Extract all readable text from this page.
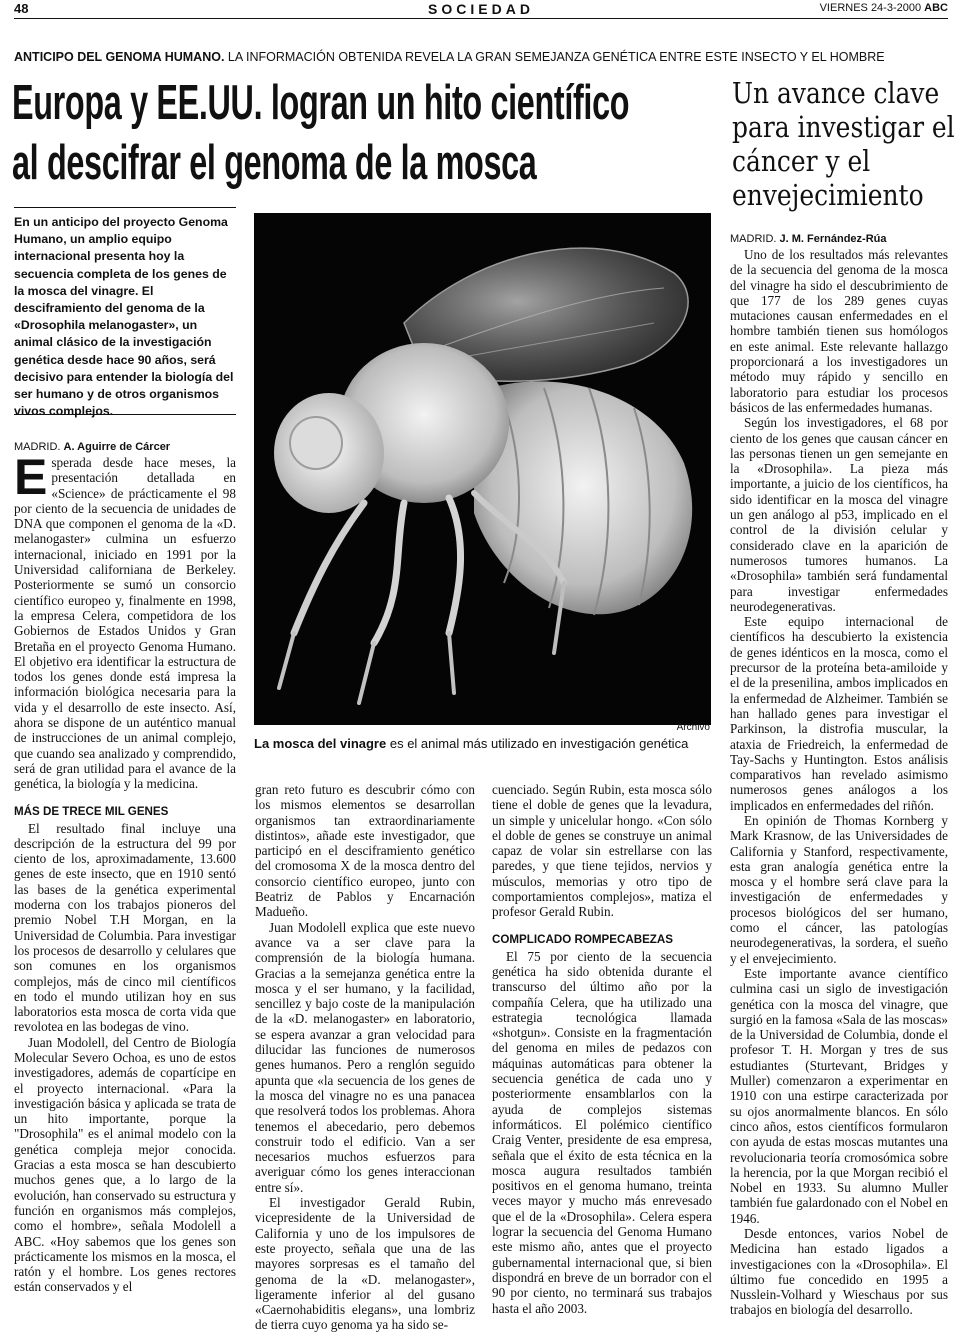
48	SOCIEDAD	VIERNES 24-3-2000 ABC
ANTICIPO DEL GENOMA HUMANO. LA INFORMACIÓN OBTENIDA REVELA LA GRAN SEMEJANZA GENÉTICA ENTRE ESTE INSECTO Y EL HOMBRE
Europa y EE.UU. logran un hito científico
al descifrar el genoma de la mosca
Un avance clave para investigar el cáncer y el envejecimiento
En un anticipo del proyecto Genoma Humano, un amplio equipo internacional presenta hoy la secuencia completa de los genes de la mosca del vinagre. El desciframiento del genoma de la «Drosophila melanogaster», un animal clásico de la investigación genética desde hace 90 años, será decisivo para entender la biología del ser humano y de otros organismos vivos complejos.
MADRID. A. Aguirre de Cárcer

Esperada desde hace meses, la presentación detallada en «Science» de prácticamente el 98 por ciento de la secuencia de unidades de DNA que componen el genoma de la «D. melanogaster» culmina un esfuerzo internacional, iniciado en 1991 por la Universidad californiana de Berkeley. Posteriormente se sumó un consorcio científico europeo y, finalmente en 1998, la empresa Celera, competidora de los Gobiernos de Estados Unidos y Gran Bretaña en el proyecto Genoma Humano. El objetivo era identificar la estructura de todos los genes donde está impresa la información biológica necesaria para la vida y el desarrollo de este insecto. Así, ahora se dispone de un auténtico manual de instrucciones de un animal complejo, que cuando sea analizado y comprendido, será de gran utilidad para el avance de la genética, la biología y la medicina.

MÁS DE TRECE MIL GENES

El resultado final incluye una descripción de la estructura del 99 por ciento de los, aproximadamente, 13.600 genes de este insecto, que en 1910 sentó las bases de la genética experimental moderna con los trabajos pioneros del premio Nobel T.H Morgan, en la Universidad de Columbia. Para investigar los procesos de desarrollo y celulares que son comunes en los organismos complejos, más de cinco mil científicos en todo el mundo utilizan hoy en sus laboratorios esta mosca de corta vida que revolotea en las bodegas de vino.

Juan Modolell, del Centro de Biología Molecular Severo Ochoa, es uno de estos investigadores, además de copartícipe en el proyecto internacional. «Para la investigación básica y aplicada se trata de un hito importante, porque la "Drosophila" es el animal modelo con la genética compleja mejor conocida. Gracias a esta mosca se han descubierto muchos genes que, a lo largo de la evolución, han conservado su estructura y función en organismos más complejos, como el hombre», señala Modolell a ABC. «Hoy sabemos que los genes son prácticamente los mismos en la mosca, el ratón y el hombre. Los genes rectores están conservados y el

Archivo
La mosca del vinagre es el animal más utilizado en investigación genética

gran reto futuro es descubrir cómo con los mismos elementos se desarrollan organismos tan extraordinariamente distintos», añade este investigador, que participó en el desciframiento genético del cromosoma X de la mosca dentro del consorcio científico europeo, junto con Beatriz de Pablos y Encarnación Madueño.

Juan Modolell explica que este nuevo avance va a ser clave para la comprensión de la biología humana. Gracias a la semejanza genética entre la mosca y el ser humano, y la facilidad, sencillez y bajo coste de la manipulación de la «D. melanogaster» en laboratorio, se espera avanzar a gran velocidad para dilucidar las funciones de numerosos genes humanos. Pero a renglón seguido apunta que «la secuencia de los genes de la mosca del vinagre no es una panacea que resolverá todos los problemas. Ahora tenemos el abecedario, pero debemos construir todo el edificio. Van a ser necesarios muchos esfuerzos para averiguar cómo los genes interaccionan entre sí».

El investigador Gerald Rubin, vicepresidente de la Universidad de California y uno de los impulsores de este proyecto, señala que una de las mayores sorpresas es el tamaño del genoma de la «D. melanogaster», ligeramente inferior al del gusano «Caernohabiditis elegans», una lombriz de tierra cuyo genoma ya ha sido se-

cuenciado. Según Rubin, esta mosca sólo tiene el doble de genes que la levadura, un simple y unicelular hongo. «Con sólo el doble de genes se construye un animal capaz de volar sin estrellarse con las paredes, y que tiene tejidos, nervios y músculos, memorias y otro tipo de comportamientos complejos», matiza el profesor Gerald Rubin.

COMPLICADO ROMPECABEZAS

El 75 por ciento de la secuencia genética ha sido obtenida durante el transcurso del último año por la compañía Celera, que ha utilizado una estrategia tecnológica llamada «shotgun». Consiste en la fragmentación del genoma en miles de pedazos con máquinas automáticas para obtener la secuencia genética de cada uno y posteriormente ensamblarlos con la ayuda de complejos sistemas informáticos. El polémico científico Craig Venter, presidente de esa empresa, señala que el éxito de esta técnica en la mosca augura resultados también positivos en el genoma humano, treinta veces mayor y mucho más enrevesado que el de la «Drosophila». Celera espera lograr la secuencia del Genoma Humano este mismo año, antes que el proyecto gubernamental internacional que, si bien dispondrá en breve de un borrador con el 90 por ciento, no terminará sus trabajos hasta el año 2003.

MADRID. J. M. Fernández-Rúa

Uno de los resultados más relevantes de la secuencia del genoma de la mosca del vinagre ha sido el descubrimiento de que 177 de los 289 genes cuyas mutaciones causan enfermedades en el hombre también tienen sus homólogos en este animal. Este relevante hallazgo proporcionará a los investigadores un método muy rápido y sencillo en laboratorio para estudiar los procesos básicos de las enfermedades humanas.

Según los investigadores, el 68 por ciento de los genes que causan cáncer en las personas tienen un gen semejante en la «Drosophila». La pieza más importante, a juicio de los científicos, ha sido identificar en la mosca del vinagre un gen análogo al p53, implicado en el control de la división celular y considerado clave en la aparición de numerosos tumores humanos. La «Drosophila» también será fundamental para investigar enfermedades neurodegenerativas.

Este equipo internacional de científicos ha descubierto la existencia de genes idénticos en la mosca, como el precursor de la proteína beta-amiloide y el de la presenilina, ambos implicados en la enfermedad de Alzheimer. También se han hallado genes para investigar el Parkinson, la distrofia muscular, la ataxia de Friedreich, la enfermedad de Tay-Sachs y Huntington. Estos análisis comparativos han revelado asimismo numerosos genes análogos a los implicados en enfermedades del riñón.

En opinión de Thomas Kornberg y Mark Krasnow, de las Universidades de California y Stanford, respectivamente, esta gran analogía genética entre la mosca y el hombre será clave para la investigación de enfermedades y procesos biológicos del ser humano, como el cáncer, las patologías neurodegenerativas, la sordera, el sueño y el envejecimiento.

Este importante avance científico culmina casi un siglo de investigación genética con la mosca del vinagre, que surgió en la famosa «Sala de las moscas» de la Universidad de Columbia, donde el profesor T. H. Morgan y tres de sus estudiantes (Sturtevant, Bridges y Muller) comenzaron a experimentar en 1910 con una estirpe caracterizada por su ojos anormalmente blancos. En sólo cinco años, estos científicos formularon con ayuda de estas moscas mutantes una revolucionaria teoría cromosómica sobre la herencia, por la que Morgan recibió el Nobel en 1933. Su alumno Muller también fue galardonado con el Nobel en 1946.

Desde entonces, varios Nobel de Medicina han estado ligados a investigaciones con la «Drosophila». El último fue concedido en 1995 a Nusslein-Volhard y Wieschaus por sus trabajos en biología del desarrollo.
